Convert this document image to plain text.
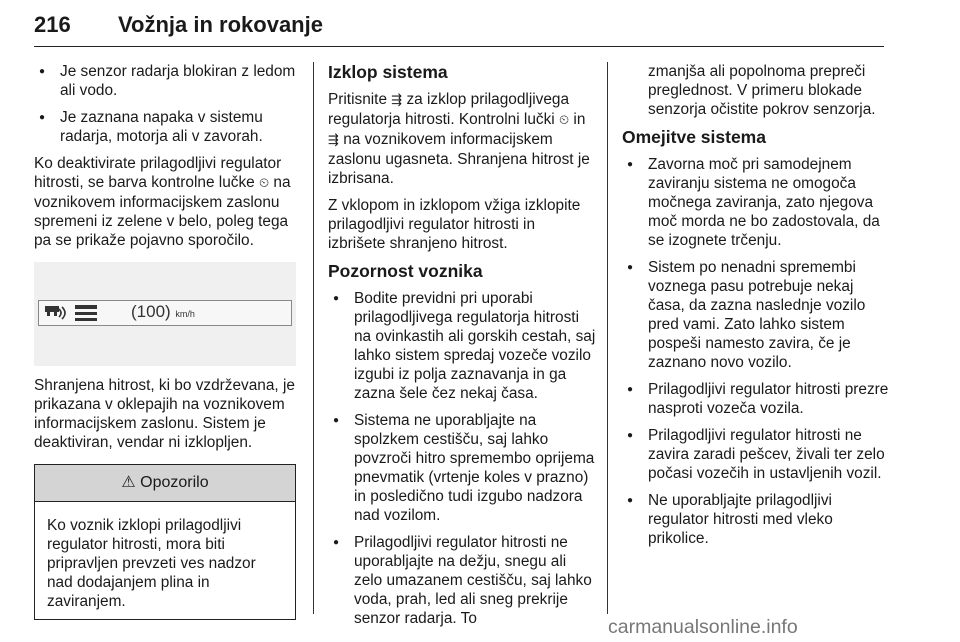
216 Vožnja in rokovanje
● Je senzor radarja blokiran z ledom ali vodo.
● Je zaznana napaka v sistemu radarja, motorja ali v zavorah.

Ko deaktivirate prilagodljivi regulator hitrosti, se barva kontrolne lučke ⏲ na voznikovem informacijskem zaslonu spremeni iz zelene v belo, poleg tega pa se prikaže pojavno sporočilo.

(100) km/h

Shranjena hitrost, ki bo vzdrževana, je prikazana v oklepajih na voznikovem informacijskem zaslonu. Sistem je deaktiviran, vendar ni izklopljen.

⚠ Opozorilo
Ko voznik izklopi prilagodljivi regulator hitrosti, mora biti pripravljen prevzeti ves nadzor nad dodajanjem plina in zaviranjem.
Izklop sistema

Pritisnite ⇶ za izklop prilagodljivega regulatorja hitrosti. Kontrolni lučki ⏲ in ⇶ na voznikovem informacijskem zaslonu ugasneta. Shranjena hitrost je izbrisana.

Z vklopom in izklopom vžiga izklopite prilagodljivi regulator hitrosti in izbrišete shranjeno hitrost.

Pozornost voznika
● Bodite previdni pri uporabi prilagodljivega regulatorja hitrosti na ovinkastih ali gorskih cestah, saj lahko sistem spredaj vozeče vozilo izgubi iz polja zaznavanja in ga zazna šele čez nekaj časa.
● Sistema ne uporabljajte na spolzkem cestišču, saj lahko povzroči hitro spremembo oprijema pnevmatik (vrtenje koles v prazno) in posledično tudi izgubo nadzora nad vozilom.
● Prilagodljivi regulator hitrosti ne uporabljajte na dežju, snegu ali zelo umazanem cestišču, saj lahko voda, prah, led ali sneg prekrije senzor radarja. To

zmanjša ali popolnoma prepreči preglednost. V primeru blokade senzorja očistite pokrov senzorja.

Omejitve sistema
● Zavorna moč pri samodejnem zaviranju sistema ne omogoča močnega zaviranja, zato njegova moč morda ne bo zadostovala, da se izognete trčenju.
● Sistem po nenadni spremembi voznega pasu potrebuje nekaj časa, da zazna naslednje vozilo pred vami. Zato lahko sistem pospeši namesto zavira, če je zaznano novo vozilo.
● Prilagodljivi regulator hitrosti prezre nasproti vozeča vozila.
● Prilagodljivi regulator hitrosti ne zavira zaradi pešcev, živali ter zelo počasi vozečih in ustavljenih vozil.
● Ne uporabljajte prilagodljivi regulator hitrosti med vleko prikolice.
carmanualsonline.info
